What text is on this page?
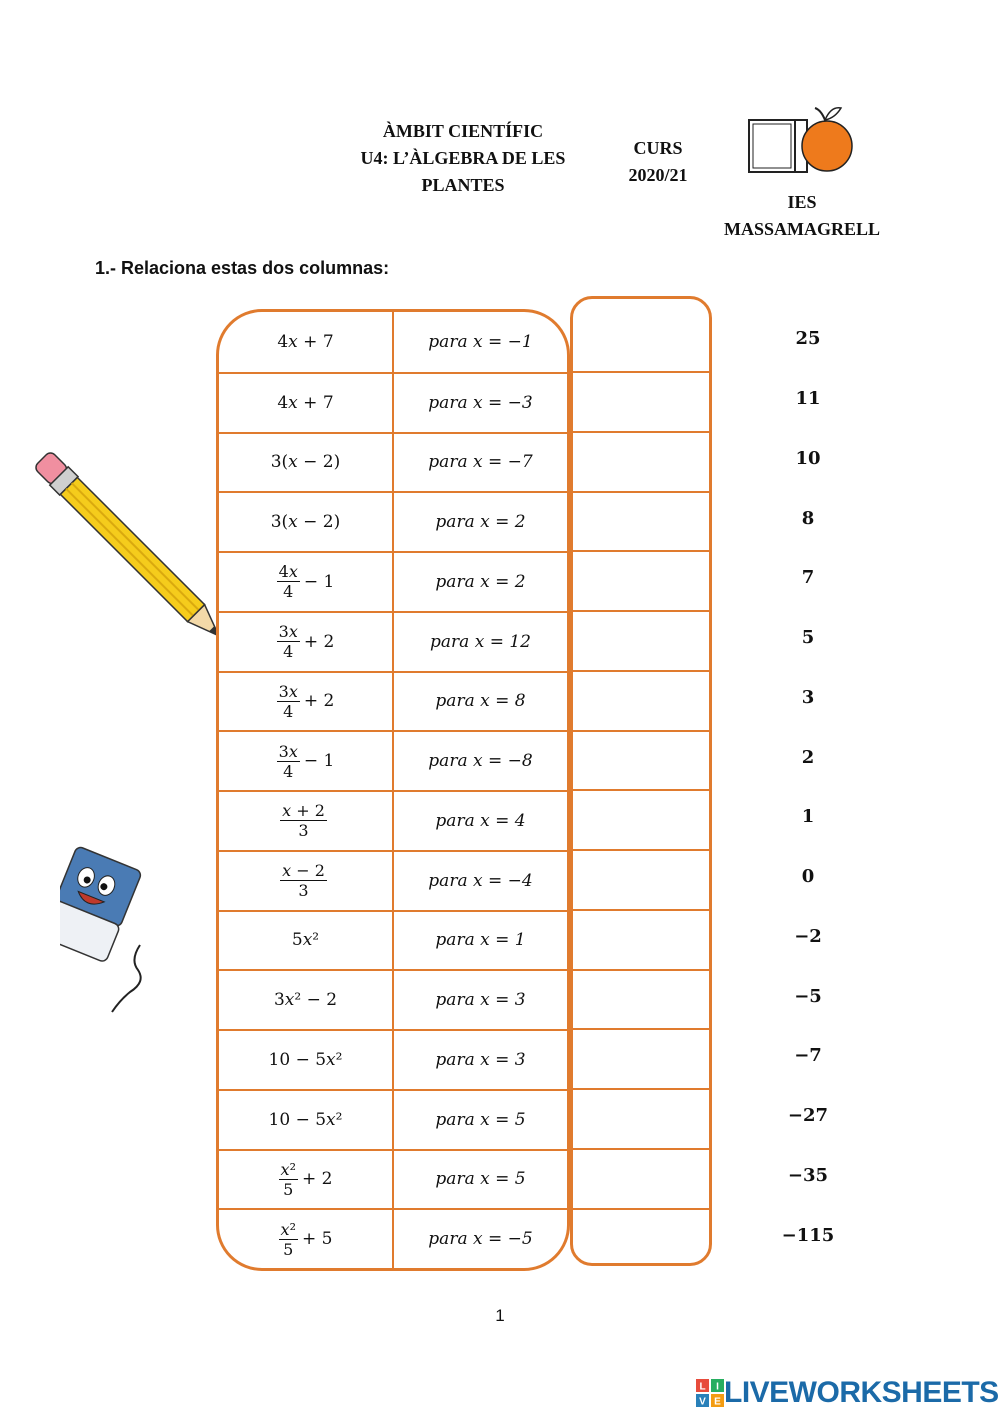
ÀMBIT CIENTÍFIC
U4: L’ÀLGEBRA DE LES
PLANTES
CURS
2020/21
IES
MASSAMAGRELL
1.- Relaciona estas dos columnas:
4𝑥 + 7	𝑝𝑎𝑟𝑎 𝑥 = −1
4𝑥 + 7	𝑝𝑎𝑟𝑎 𝑥 = −3
3(𝑥 − 2)	𝑝𝑎𝑟𝑎 𝑥 = −7
3(𝑥 − 2)	𝑝𝑎𝑟𝑎 𝑥 = 2
$\frac{\text{4𝑥}}{4} - 1$	𝑝𝑎𝑟𝑎 𝑥 = 2
$\frac{\text{3𝑥}}{4} + 2$	𝑝𝑎𝑟𝑎 𝑥 = 12
$\frac{\text{3𝑥}}{4} + 2$	𝑝𝑎𝑟𝑎 𝑥 = 8
$\frac{\text{3𝑥}}{4} - 1$	𝑝𝑎𝑟𝑎 𝑥 = −8
$\frac{\text{𝑥 + 2}}{3}$	𝑝𝑎𝑟𝑎 𝑥 = 4
$\frac{\text{𝑥 − 2}}{3}$	𝑝𝑎𝑟𝑎 𝑥 = −4
5𝑥²	𝑝𝑎𝑟𝑎 𝑥 = 1
3𝑥² − 2	𝑝𝑎𝑟𝑎 𝑥 = 3
10 − 5𝑥²	𝑝𝑎𝑟𝑎 𝑥 = 3
10 − 5𝑥²	𝑝𝑎𝑟𝑎 𝑥 = 5
$\frac{\text{𝑥²}}{5} + 2$	𝑝𝑎𝑟𝑎 𝑥 = 5
$\frac{\text{𝑥²}}{5} + 5$	𝑝𝑎𝑟𝑎 𝑥 = −5
25
11
10
8
7
5
3
2
1
0
−2
−5
−7
−27
−35
−115
1
L I
V E LIVEWORKSHEETS
